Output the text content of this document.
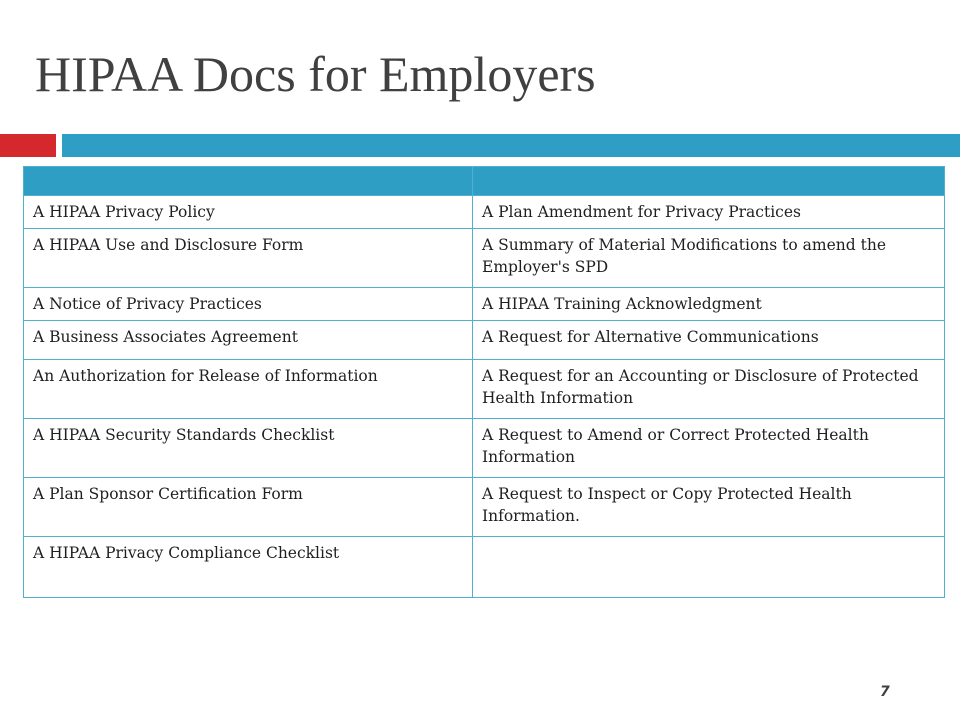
HIPAA Docs for Employers

A HIPAA Privacy Policy	A Plan Amendment for Privacy Practices
A HIPAA Use and Disclosure Form	A Summary of Material Modifications to amend the Employer's SPD
A Notice of Privacy Practices	A HIPAA Training Acknowledgment
A Business Associates Agreement	A Request for Alternative Communications
An Authorization for Release of Information	A Request for an Accounting or Disclosure of Protected Health Information
A HIPAA Security Standards Checklist	A Request to Amend or Correct Protected Health Information
A Plan Sponsor Certification Form	A Request to Inspect or Copy Protected Health Information.
A HIPAA Privacy Compliance Checklist	
7
